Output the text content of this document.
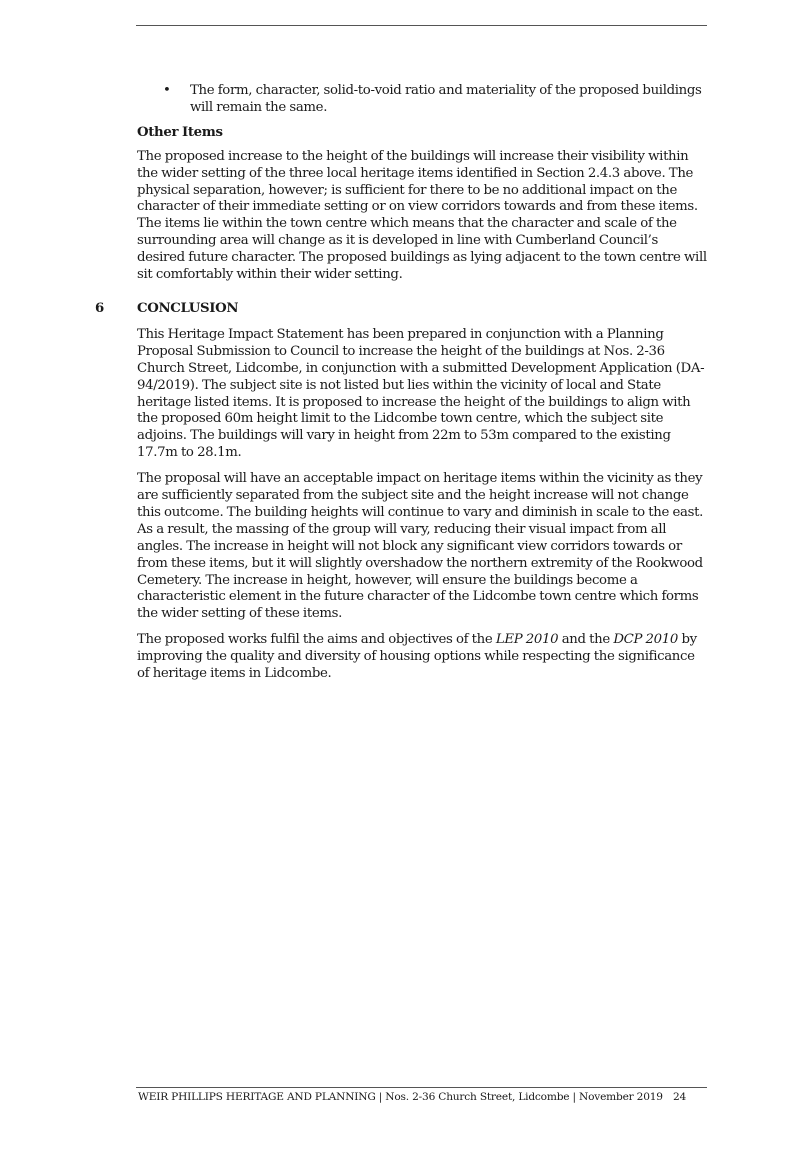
• The form, character, solid-to-void ratio and materiality of the proposed buildings will remain the same.
Other Items

The proposed increase to the height of the buildings will increase their visibility within the wider setting of the three local heritage items identified in Section 2.4.3 above. The physical separation, however; is sufficient for there to be no additional impact on the character of their immediate setting or on view corridors towards and from these items. The items lie within the town centre which means that the character and scale of the surrounding area will change as it is developed in line with Cumberland Council’s desired future character. The proposed buildings as lying adjacent to the town centre will sit comfortably within their wider setting.

6 CONCLUSION

This Heritage Impact Statement has been prepared in conjunction with a Planning Proposal Submission to Council to increase the height of the buildings at Nos. 2-36 Church Street, Lidcombe, in conjunction with a submitted Development Application (DA-94/2019). The subject site is not listed but lies within the vicinity of local and State heritage listed items. It is proposed to increase the height of the buildings to align with the proposed 60m height limit to the Lidcombe town centre, which the subject site adjoins. The buildings will vary in height from 22m to 53m compared to the existing 17.7m to 28.1m.

The proposal will have an acceptable impact on heritage items within the vicinity as they are sufficiently separated from the subject site and the height increase will not change this outcome. The building heights will continue to vary and diminish in scale to the east. As a result, the massing of the group will vary, reducing their visual impact from all angles. The increase in height will not block any significant view corridors towards or from these items, but it will slightly overshadow the northern extremity of the Rookwood Cemetery. The increase in height, however, will ensure the buildings become a characteristic element in the future character of the Lidcombe town centre which forms the wider setting of these items.

The proposed works fulfil the aims and objectives of the LEP 2010 and the DCP 2010 by improving the quality and diversity of housing options while respecting the significance of heritage items in Lidcombe.

WEIR PHILLIPS HERITAGE AND PLANNING | Nos. 2-36 Church Street, Lidcombe | November 2019 24
